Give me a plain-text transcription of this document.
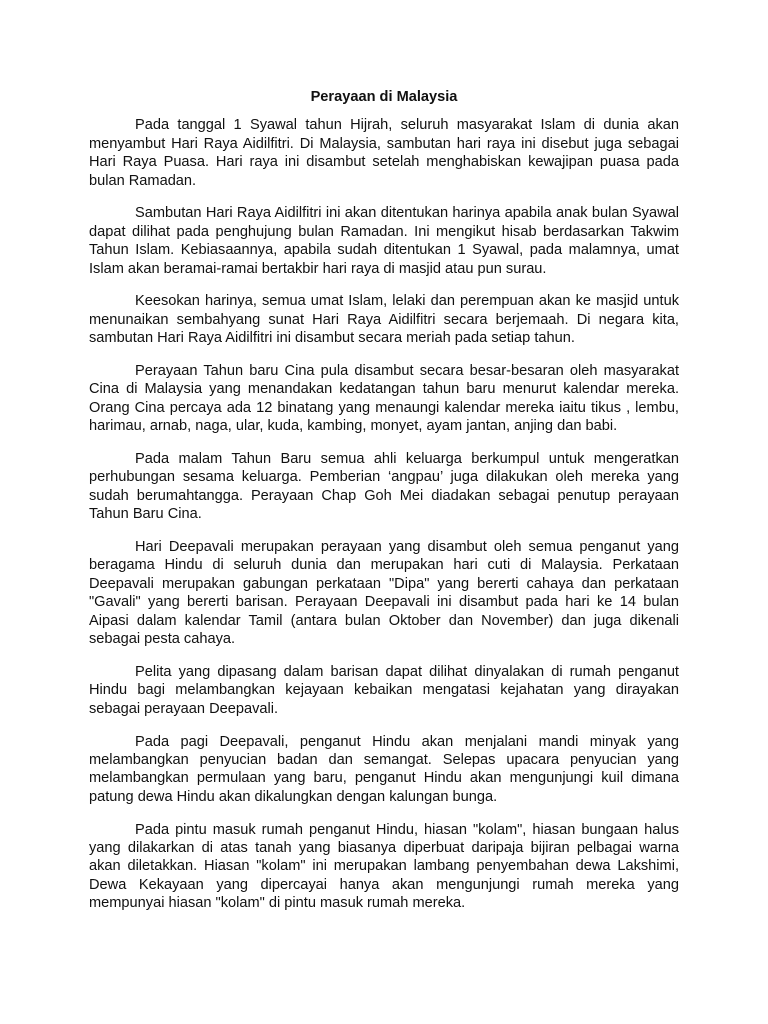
Perayaan di Malaysia

Pada tanggal 1 Syawal tahun Hijrah, seluruh masyarakat Islam di dunia akan menyambut Hari Raya Aidilfitri. Di Malaysia, sambutan hari raya ini disebut juga sebagai Hari Raya Puasa. Hari raya ini disambut setelah menghabiskan kewajipan puasa pada bulan Ramadan.

Sambutan Hari Raya Aidilfitri ini akan ditentukan harinya apabila anak bulan Syawal dapat dilihat pada penghujung bulan Ramadan. Ini mengikut hisab berdasarkan Takwim Tahun Islam. Kebiasaannya, apabila sudah ditentukan 1 Syawal, pada malamnya, umat Islam akan beramai-ramai bertakbir hari raya di masjid atau pun surau.

Keesokan harinya, semua umat Islam, lelaki dan perempuan akan ke masjid untuk menunaikan sembahyang sunat Hari Raya Aidilfitri secara berjemaah. Di negara kita, sambutan Hari Raya Aidilfitri ini disambut secara meriah pada setiap tahun.

Perayaan Tahun baru Cina pula disambut secara besar-besaran oleh masyarakat Cina di Malaysia yang menandakan kedatangan tahun baru menurut kalendar mereka. Orang Cina percaya ada 12 binatang yang menaungi kalendar mereka iaitu tikus , lembu, harimau, arnab, naga, ular, kuda, kambing, monyet, ayam jantan, anjing dan babi.

Pada malam Tahun Baru semua ahli keluarga berkumpul untuk mengeratkan perhubungan sesama keluarga. Pemberian ‘angpau’ juga dilakukan oleh mereka yang sudah berumahtangga. Perayaan Chap Goh Mei diadakan sebagai penutup perayaan Tahun Baru Cina.

Hari Deepavali merupakan perayaan yang disambut oleh semua penganut yang beragama Hindu di seluruh dunia dan merupakan hari cuti di Malaysia. Perkataan Deepavali merupakan gabungan perkataan "Dipa" yang bererti cahaya dan perkataan "Gavali" yang bererti barisan. Perayaan Deepavali ini disambut pada hari ke 14 bulan Aipasi dalam kalendar Tamil (antara bulan Oktober dan November) dan juga dikenali sebagai pesta cahaya.

Pelita yang dipasang dalam barisan dapat dilihat dinyalakan di rumah penganut Hindu bagi melambangkan kejayaan kebaikan mengatasi kejahatan yang dirayakan sebagai perayaan Deepavali.

Pada pagi Deepavali, penganut Hindu akan menjalani mandi minyak yang melambangkan penyucian badan dan semangat. Selepas upacara penyucian yang melambangkan permulaan yang baru, penganut Hindu akan mengunjungi kuil dimana patung dewa Hindu akan dikalungkan dengan kalungan bunga.

Pada pintu masuk rumah penganut Hindu, hiasan "kolam", hiasan bungaan halus yang dilakarkan di atas tanah yang biasanya diperbuat daripaja bijiran pelbagai warna akan diletakkan. Hiasan "kolam" ini merupakan lambang penyembahan dewa Lakshimi, Dewa Kekayaan yang dipercayai hanya akan mengunjungi rumah mereka yang mempunyai hiasan "kolam" di pintu masuk rumah mereka.
